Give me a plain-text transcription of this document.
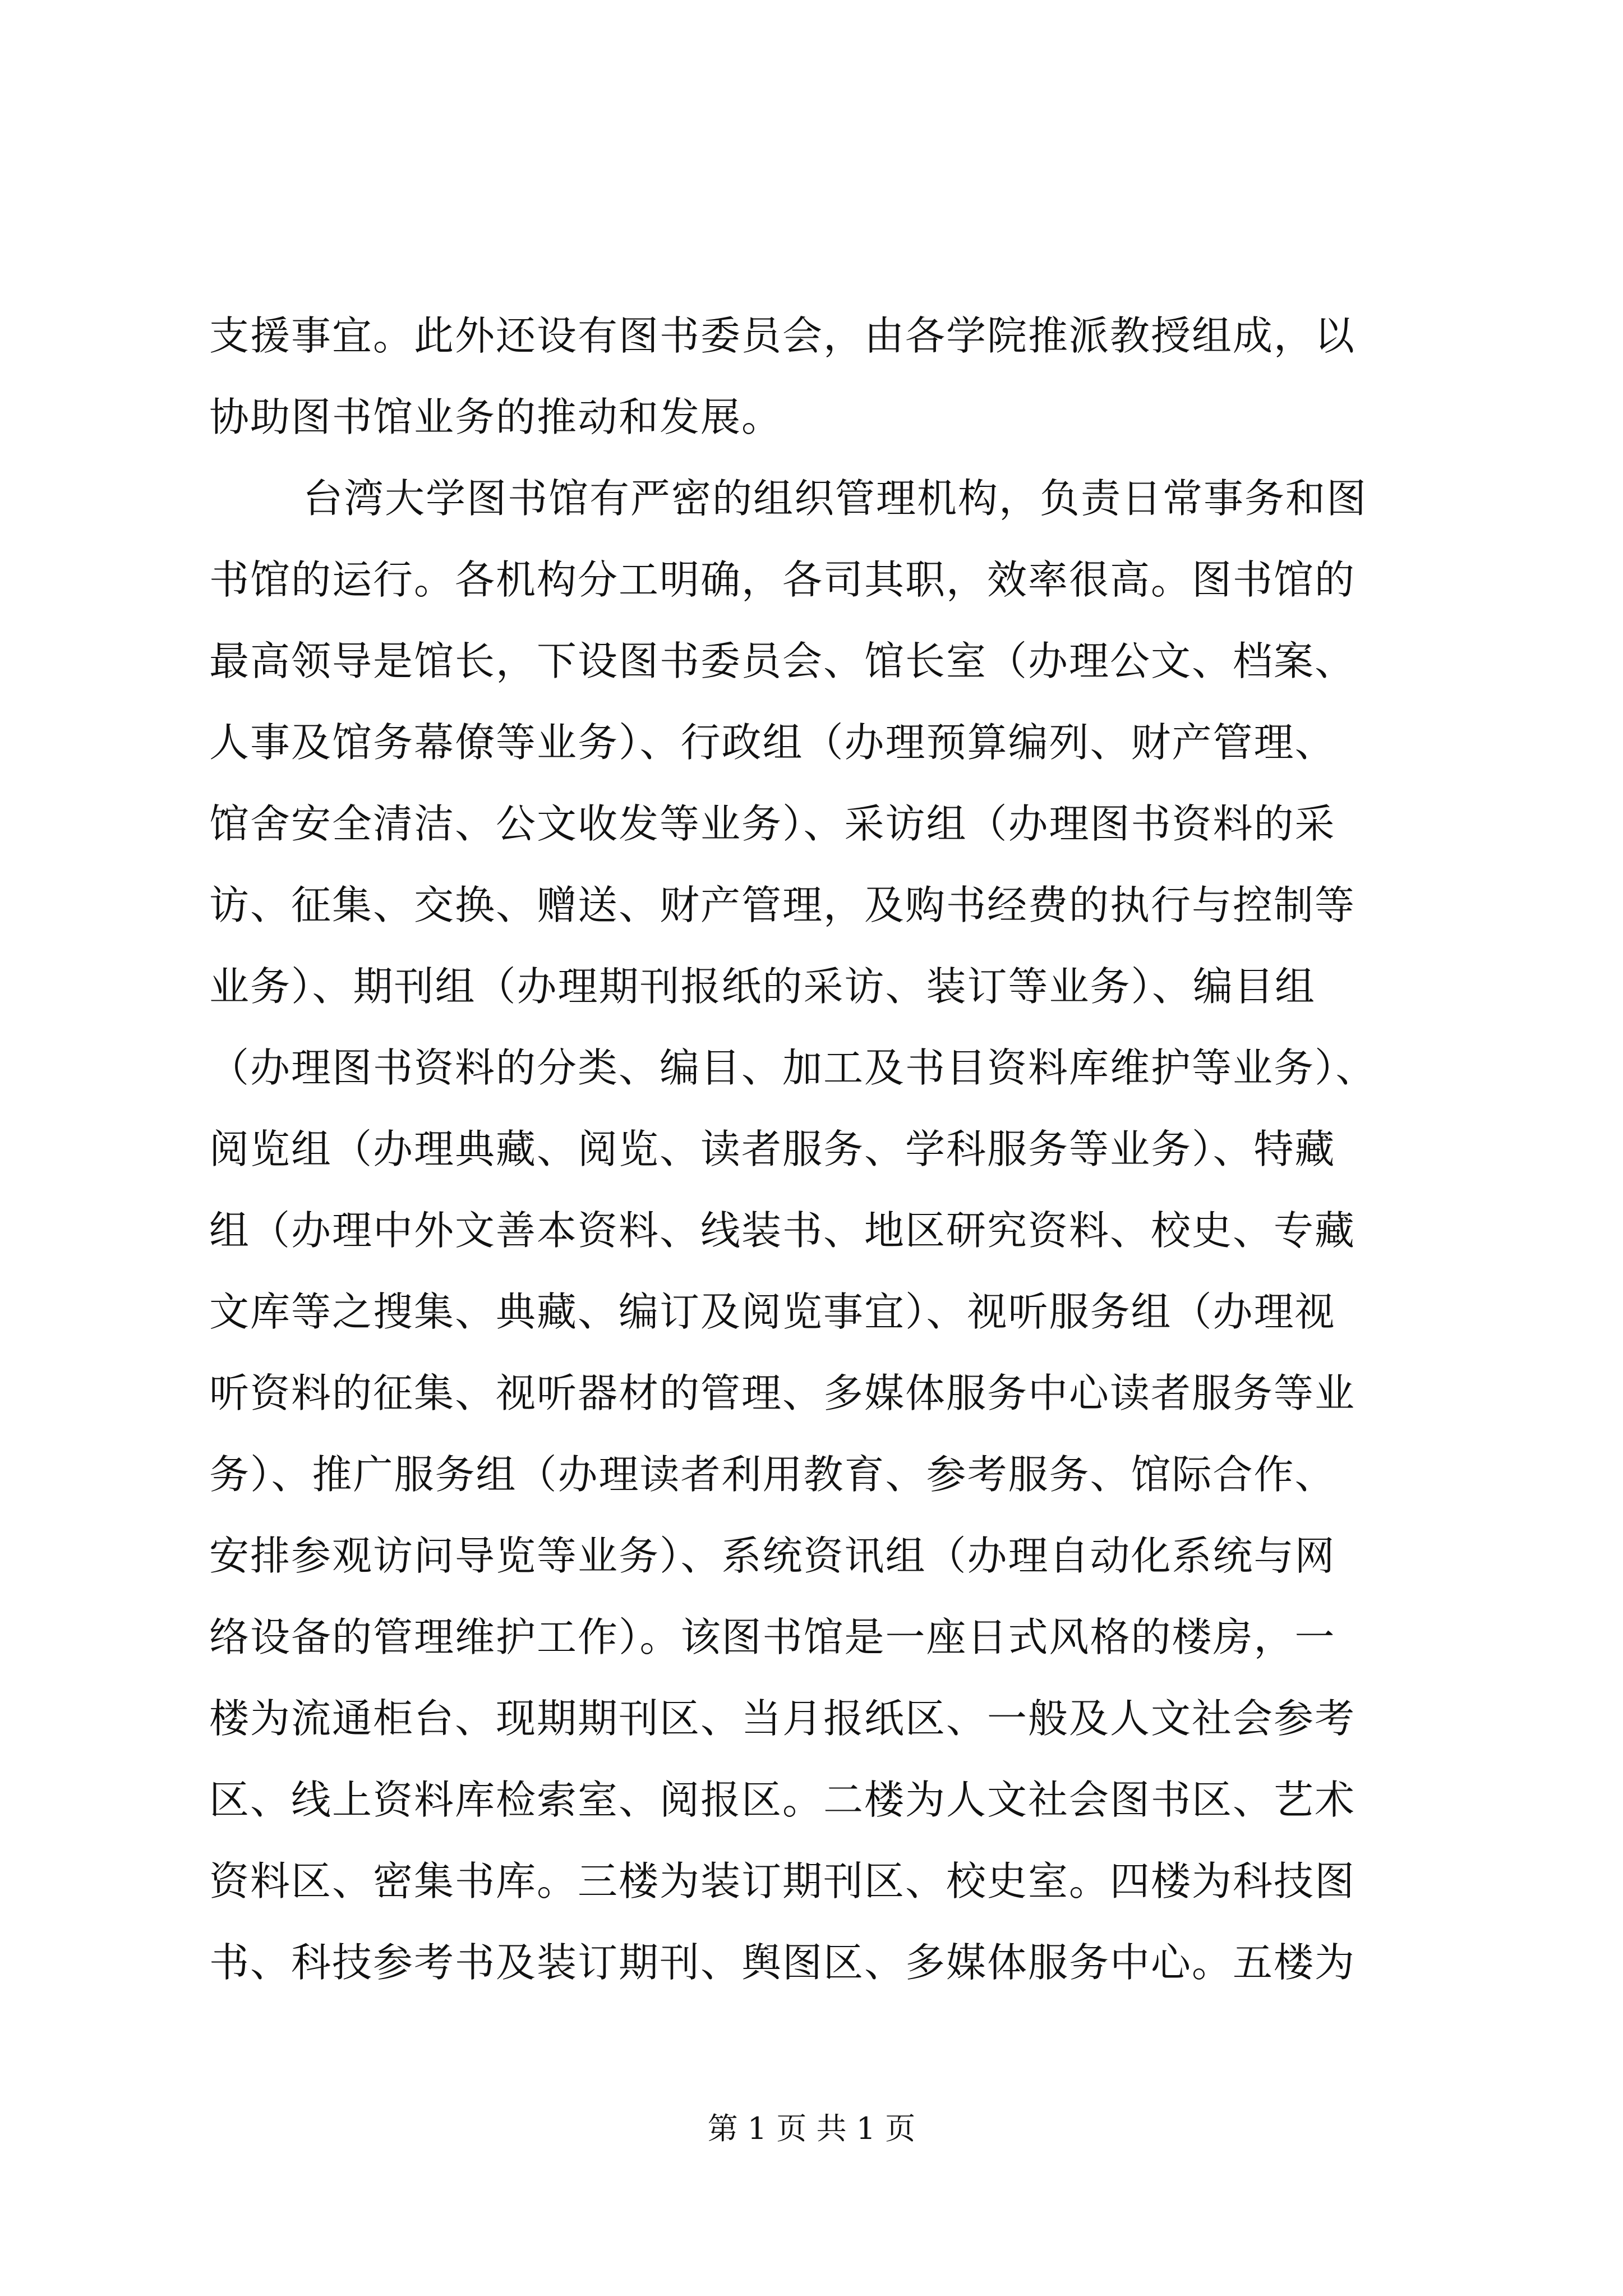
支援事宜。此外还设有图书委员会，由各学院推派教授组成，以

协助图书馆业务的推动和发展。

台湾大学图书馆有严密的组织管理机构，负责日常事务和图

书馆的运行。各机构分工明确，各司其职，效率很高。图书馆的

最高领导是馆长，下设图书委员会、馆长室（办理公文、档案、

人事及馆务幕僚等业务）、行政组（办理预算编列、财产管理、

馆舍安全清洁、公文收发等业务）、采访组（办理图书资料的采

访、征集、交换、赠送、财产管理，及购书经费的执行与控制等

业务）、期刊组（办理期刊报纸的采访、装订等业务）、编目组

（办理图书资料的分类、编目、加工及书目资料库维护等业务）、

阅览组（办理典藏、阅览、读者服务、学科服务等业务）、特藏

组（办理中外文善本资料、线装书、地区研究资料、校史、专藏

文库等之搜集、典藏、编订及阅览事宜）、视听服务组（办理视

听资料的征集、视听器材的管理、多媒体服务中心读者服务等业

务）、推广服务组（办理读者利用教育、参考服务、馆际合作、

安排参观访问导览等业务）、系统资讯组（办理自动化系统与网

络设备的管理维护工作）。该图书馆是一座日式风格的楼房，一

楼为流通柜台、现期期刊区、当月报纸区、一般及人文社会参考

区、线上资料库检索室、阅报区。二楼为人文社会图书区、艺术

资料区、密集书库。三楼为装订期刊区、校史室。四楼为科技图

书、科技参考书及装订期刊、舆图区、多媒体服务中心。五楼为

第 1 页 共 1 页
